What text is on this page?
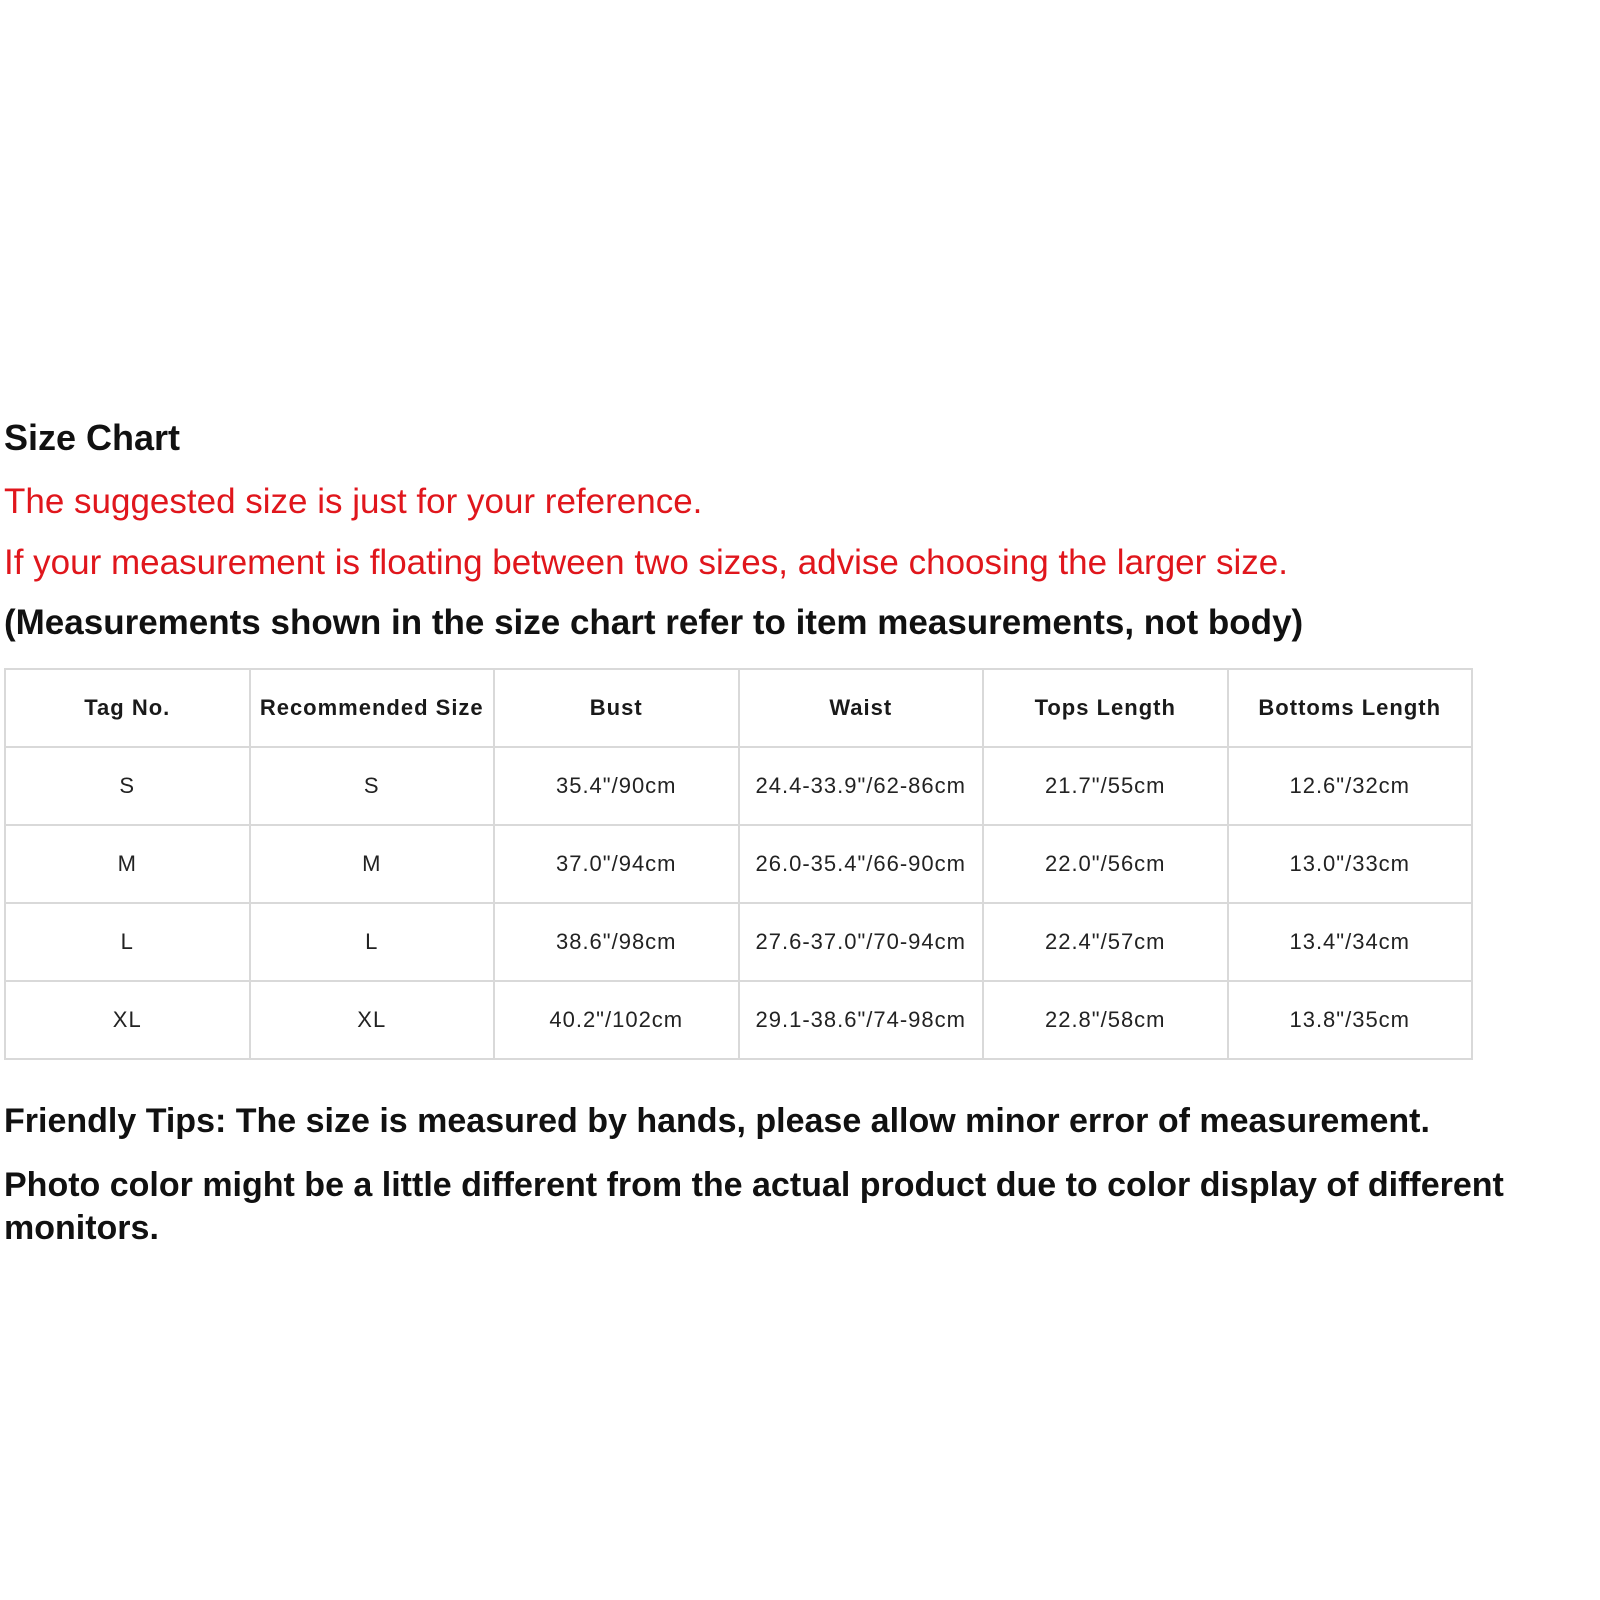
Size Chart
The suggested size is just for your reference.
If your measurement is floating between two sizes, advise choosing the larger size.
(Measurements shown in the size chart refer to item measurements, not body)
Tag No.	Recommended Size	Bust	Waist	Tops Length	Bottoms Length
S	S	35.4"/90cm	24.4-33.9"/62-86cm	21.7"/55cm	12.6"/32cm
M	M	37.0"/94cm	26.0-35.4"/66-90cm	22.0"/56cm	13.0"/33cm
L	L	38.6"/98cm	27.6-37.0"/70-94cm	22.4"/57cm	13.4"/34cm
XL	XL	40.2"/102cm	29.1-38.6"/74-98cm	22.8"/58cm	13.8"/35cm
Friendly Tips: The size is measured by hands, please allow minor error of measurement.
Photo color might be a little different from the actual product due to color display of different monitors.
